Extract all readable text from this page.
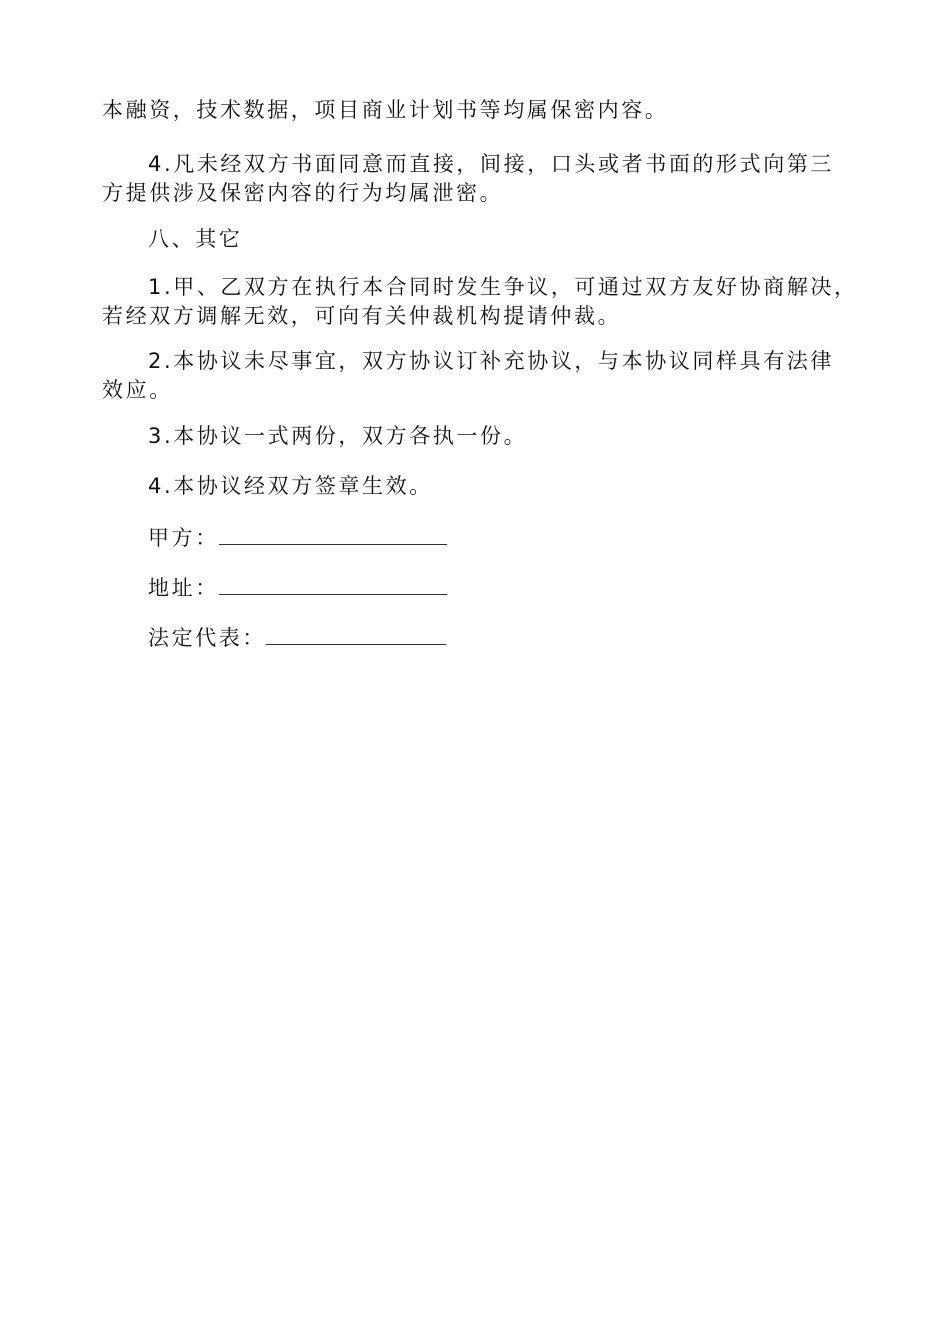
本融资，技术数据，项目商业计划书等均属保密内容。

4.凡未经双方书面同意而直接，间接，口头或者书面的形式向第三
方提供涉及保密内容的行为均属泄密。

八、其它

1.甲、乙双方在执行本合同时发生争议，可通过双方友好协商解决，
若经双方调解无效，可向有关仲裁机构提请仲裁。

2.本协议未尽事宜，双方协议订补充协议，与本协议同样具有法律
效应。

3.本协议一式两份，双方各执一份。

4.本协议经双方签章生效。

甲方：
地址：
法定代表：
